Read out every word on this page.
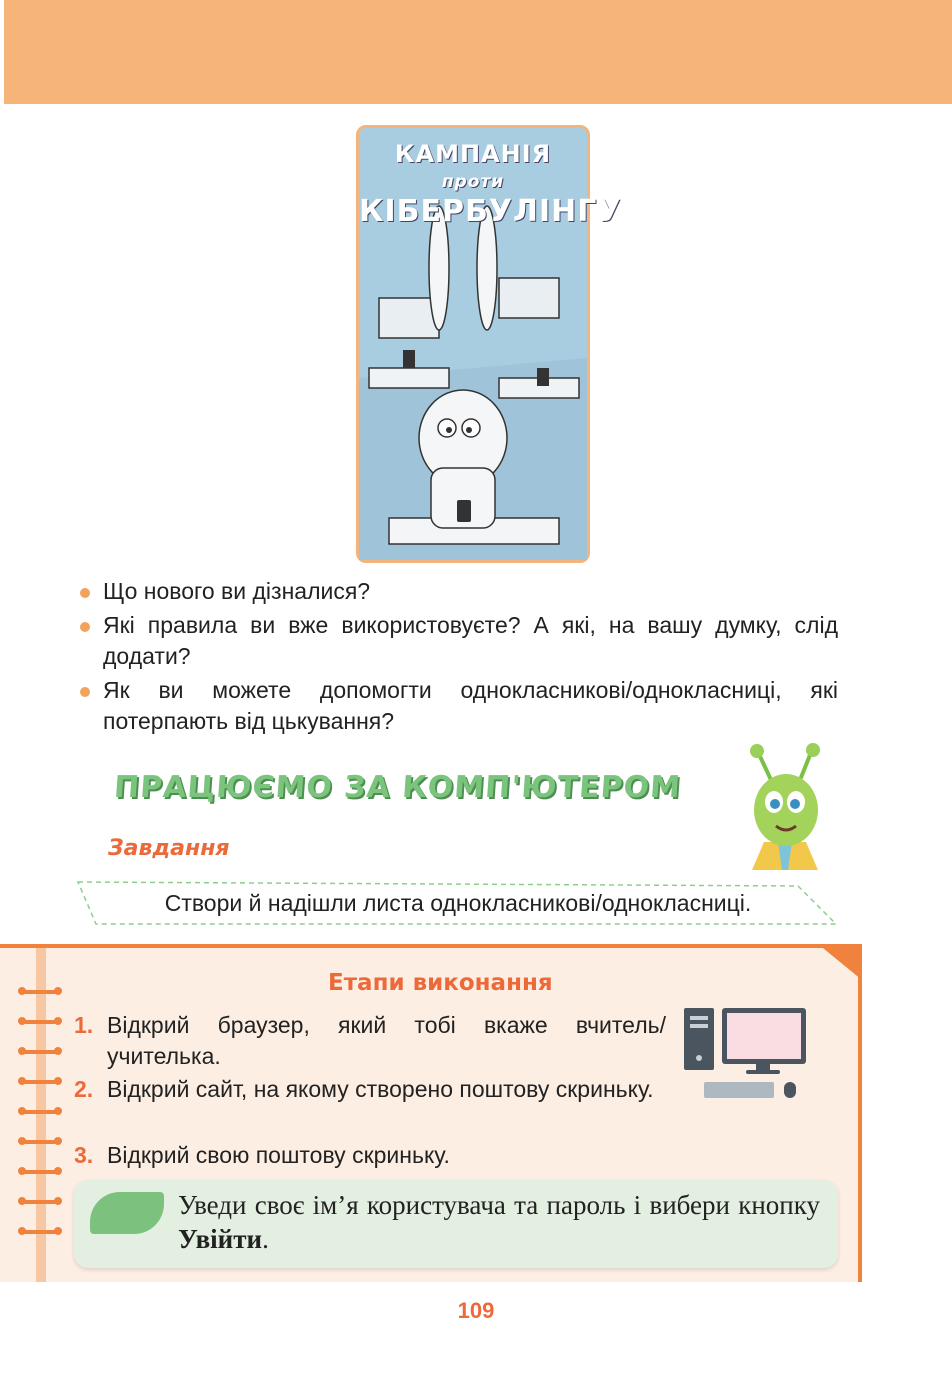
КАМПАНІЯ
проти
КІБЕРБУЛІНГУ
Що нового ви дізналися?
Які правила ви вже використовуєте? А які, на вашу думку, слід додати?
Як ви можете допомогти однокласникові/однокласниці, які потерпають від цькування?
ПРАЦЮЄМО ЗА КОМП'ЮТЕРОМ
Завдання
Створи й надішли листа однокласникові/однокласниці.
Етапи виконання
1. Відкрий браузер, який тобі вкаже вчитель/ учителька.
2. Відкрий сайт, на якому створено поштову скриньку.
3. Відкрий свою поштову скриньку.
Уведи своє ім’я користувача та пароль і вибери кнопку Увійти.
109
